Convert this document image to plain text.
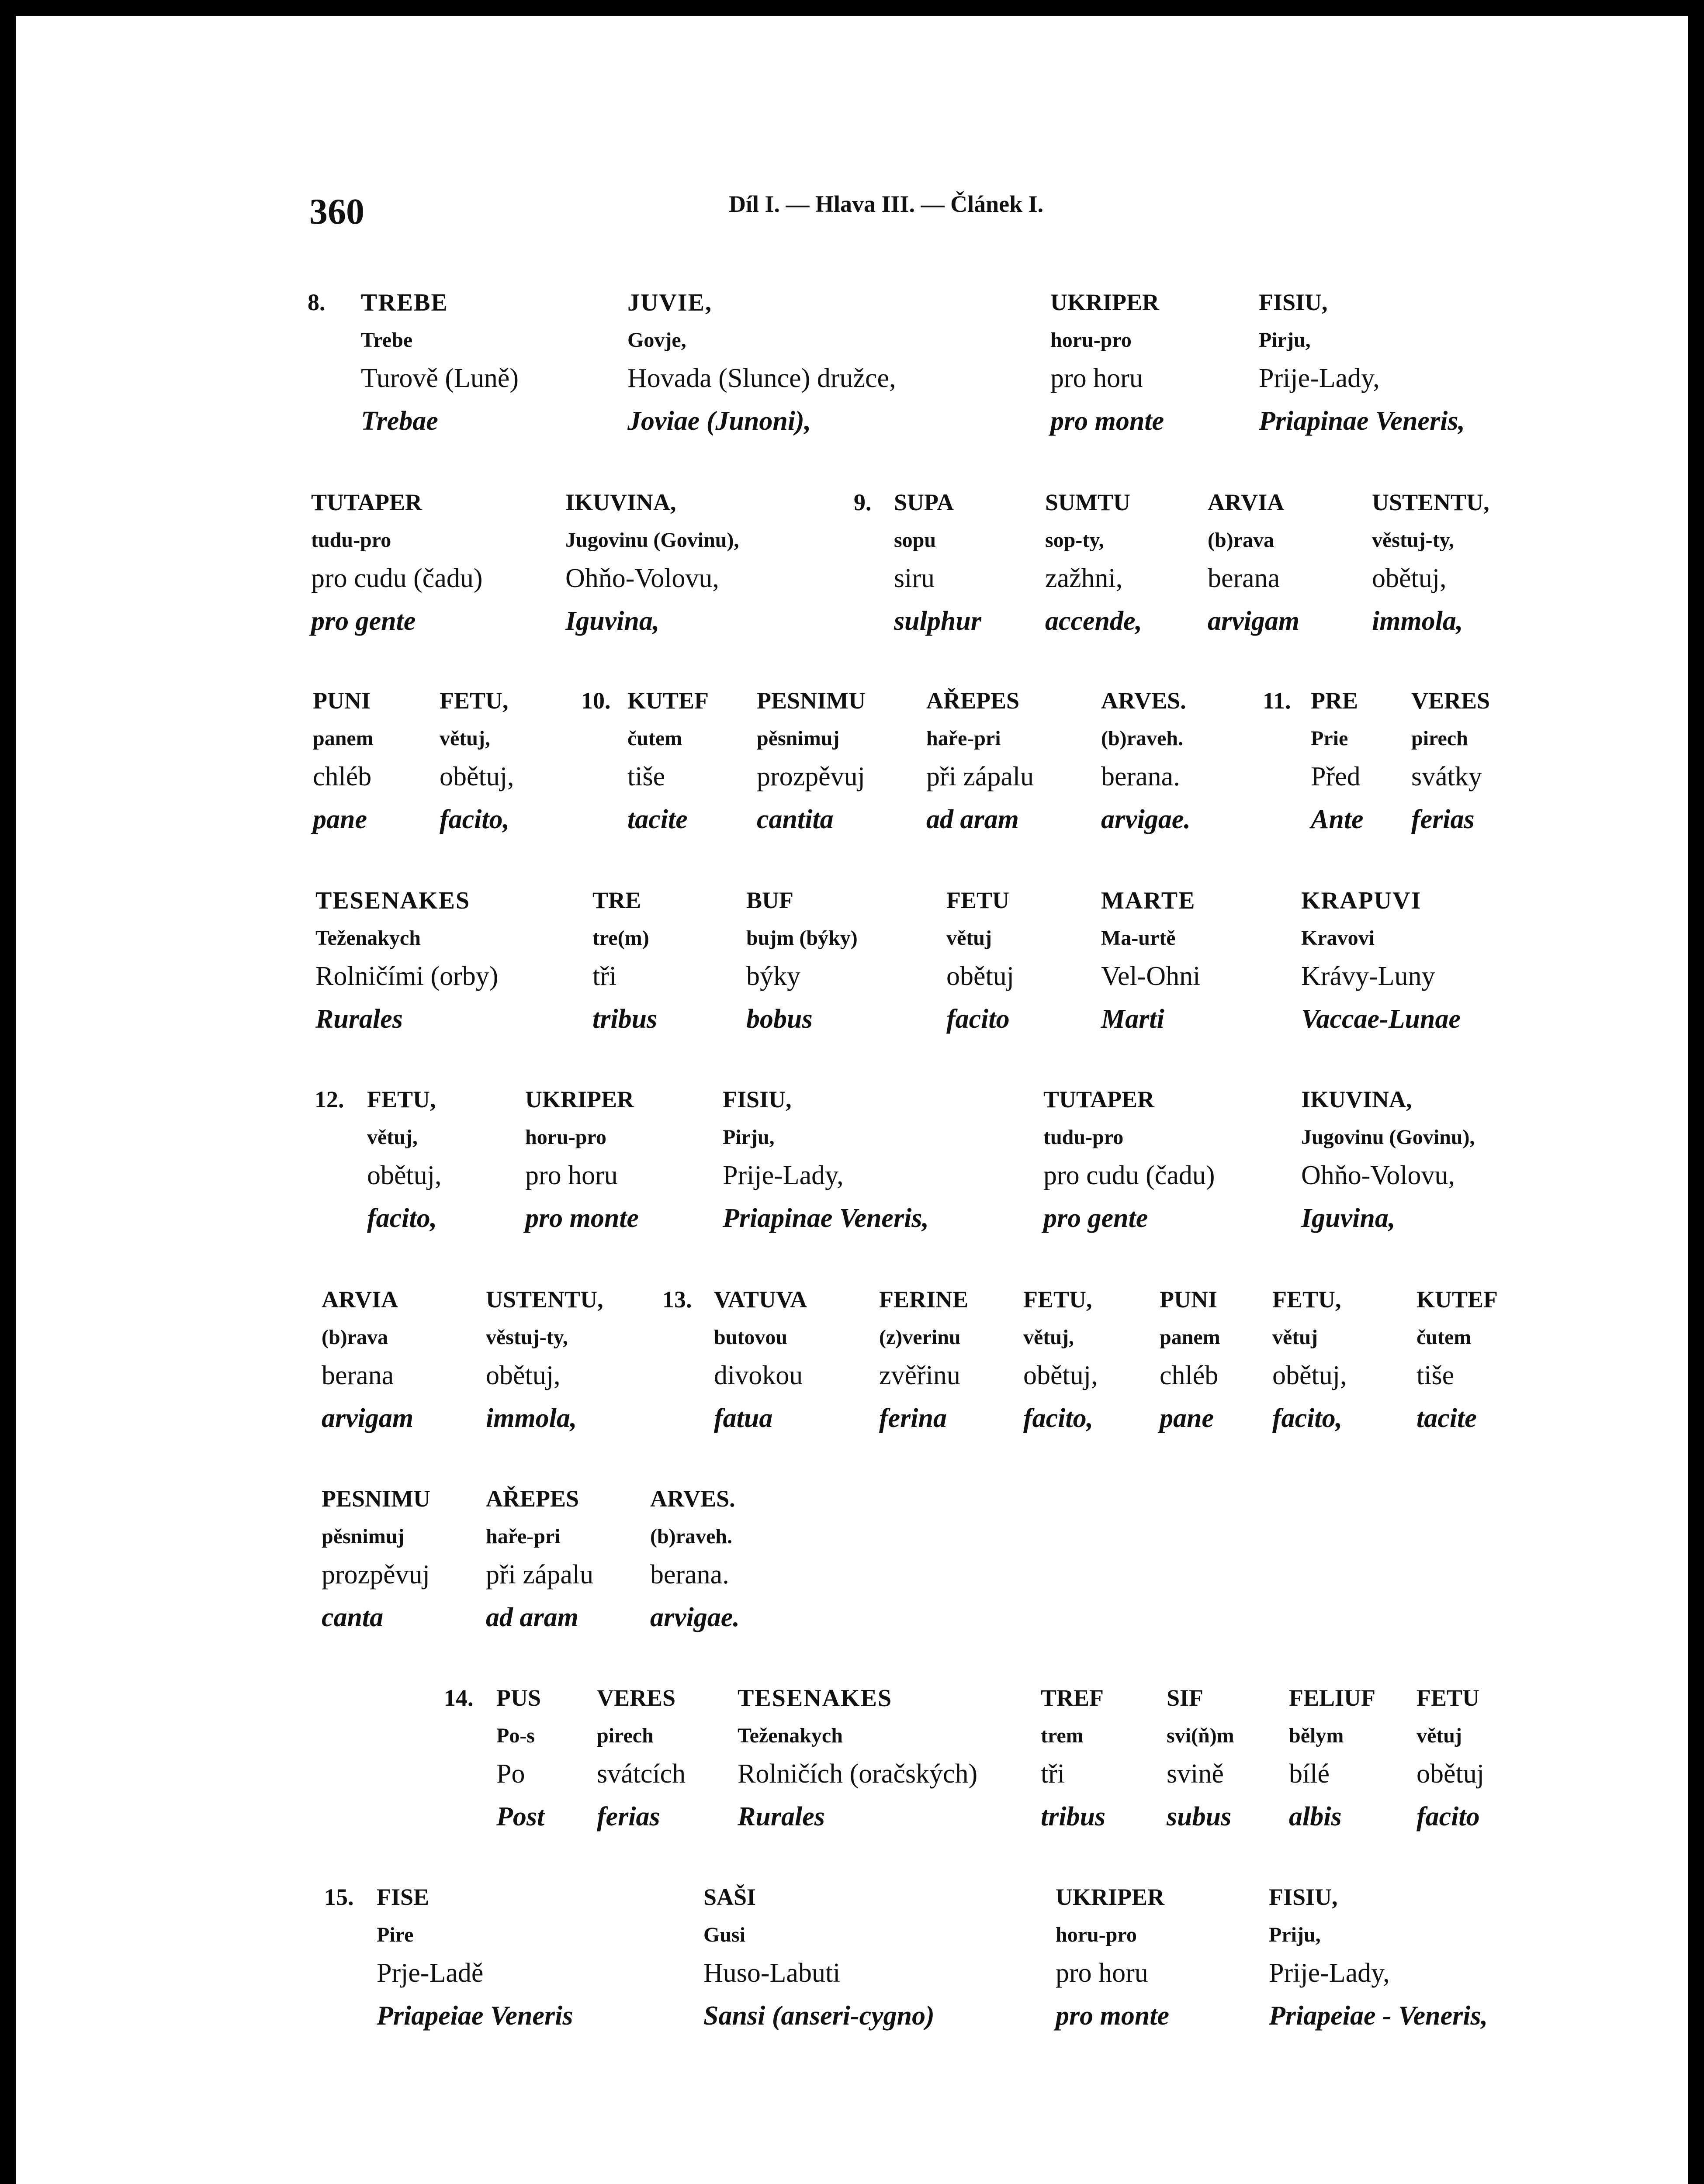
360	Díl I. — Hlava III. — Článek I.
8. TREBE
Trebe
Turově (Luně)
Trebae
JUVIE,
Govje,
Hovada (Slunce) družce,
Joviae (Junoni),
UKRIPER
horu-pro
pro horu
pro monte
FISIU,
Pirju,
Prije-Lady,
Priapinae Veneris,
TUTAPER
tudu-pro
pro cudu (čadu)
pro gente
IKUVINA,
Jugovinu (Govinu),
Ohňo-Volovu,
Iguvina,
9. SUPA
sopu
siru
sulphur
SUMTU
sop-ty,
zažhni,
accende,
ARVIA
(b)rava
berana
arvigam
USTENTU,
věstuj-ty,
obětuj,
immola,
PUNI
panem
chléb
pane
FETU,
větuj,
obětuj,
facito,
10. KUTEF
čutem
tiše
tacite
PESNIMU
pěsnimuj
prozpěvuj
cantita
AŘEPES
haře-pri
při zápalu
ad aram
ARVES.
(b)raveh.
berana.
arvigae.
11. PRE
Prie
Před
Ante
VERES
pirech
svátky
ferias
TESENAKES
Teženakych
Rolničími (orby)
Rurales
TRE
tre(m)
tři
tribus
BUF
bujm (býky)
býky
bobus
FETU
větuj
obětuj
facito
MARTE
Ma-urtě
Vel-Ohni
Marti
KRAPUVI
Kravovi
Krávy-Luny
Vaccae-Lunae
12. FETU,
větuj,
obětuj,
facito,
UKRIPER
horu-pro
pro horu
pro monte
FISIU,
Pirju,
Prije-Lady,
Priapinae Veneris,
TUTAPER
tudu-pro
pro cudu (čadu)
pro gente
IKUVINA,
Jugovinu (Govinu),
Ohňo-Volovu,
Iguvina,
ARVIA
(b)rava
berana
arvigam
USTENTU,
věstuj-ty,
obětuj,
immola,
13. VATUVA
butovou
divokou
fatua
FERINE
(z)verinu
zvěřinu
ferina
FETU,
větuj,
obětuj,
facito,
PUNI
panem
chléb
pane
FETU,
větuj
obětuj,
facito,
KUTEF
čutem
tiše
tacite
PESNIMU
pěsnimuj
prozpěvuj
canta
AŘEPES
haře-pri
při zápalu
ad aram
ARVES.
(b)raveh.
berana.
arvigae.
14. PUS
Po-s
Po
Post
VERES
pirech
svátcích
ferias
TESENAKES
Teženakych
Rolničích (oračských)
Rurales
TREF
trem
tři
tribus
SIF
svi(ň)m
svině
subus
FELIUF
bělym
bílé
albis
FETU
větuj
obětuj
facito
15. FISE
Pire
Prje-Ladě
Priapeiae Veneris
SAŠI
Gusi
Huso-Labuti
Sansi (anseri-cygno)
UKRIPER
horu-pro
pro horu
pro monte
FISIU,
Priju,
Prije-Lady,
Priapeiae - Veneris,
